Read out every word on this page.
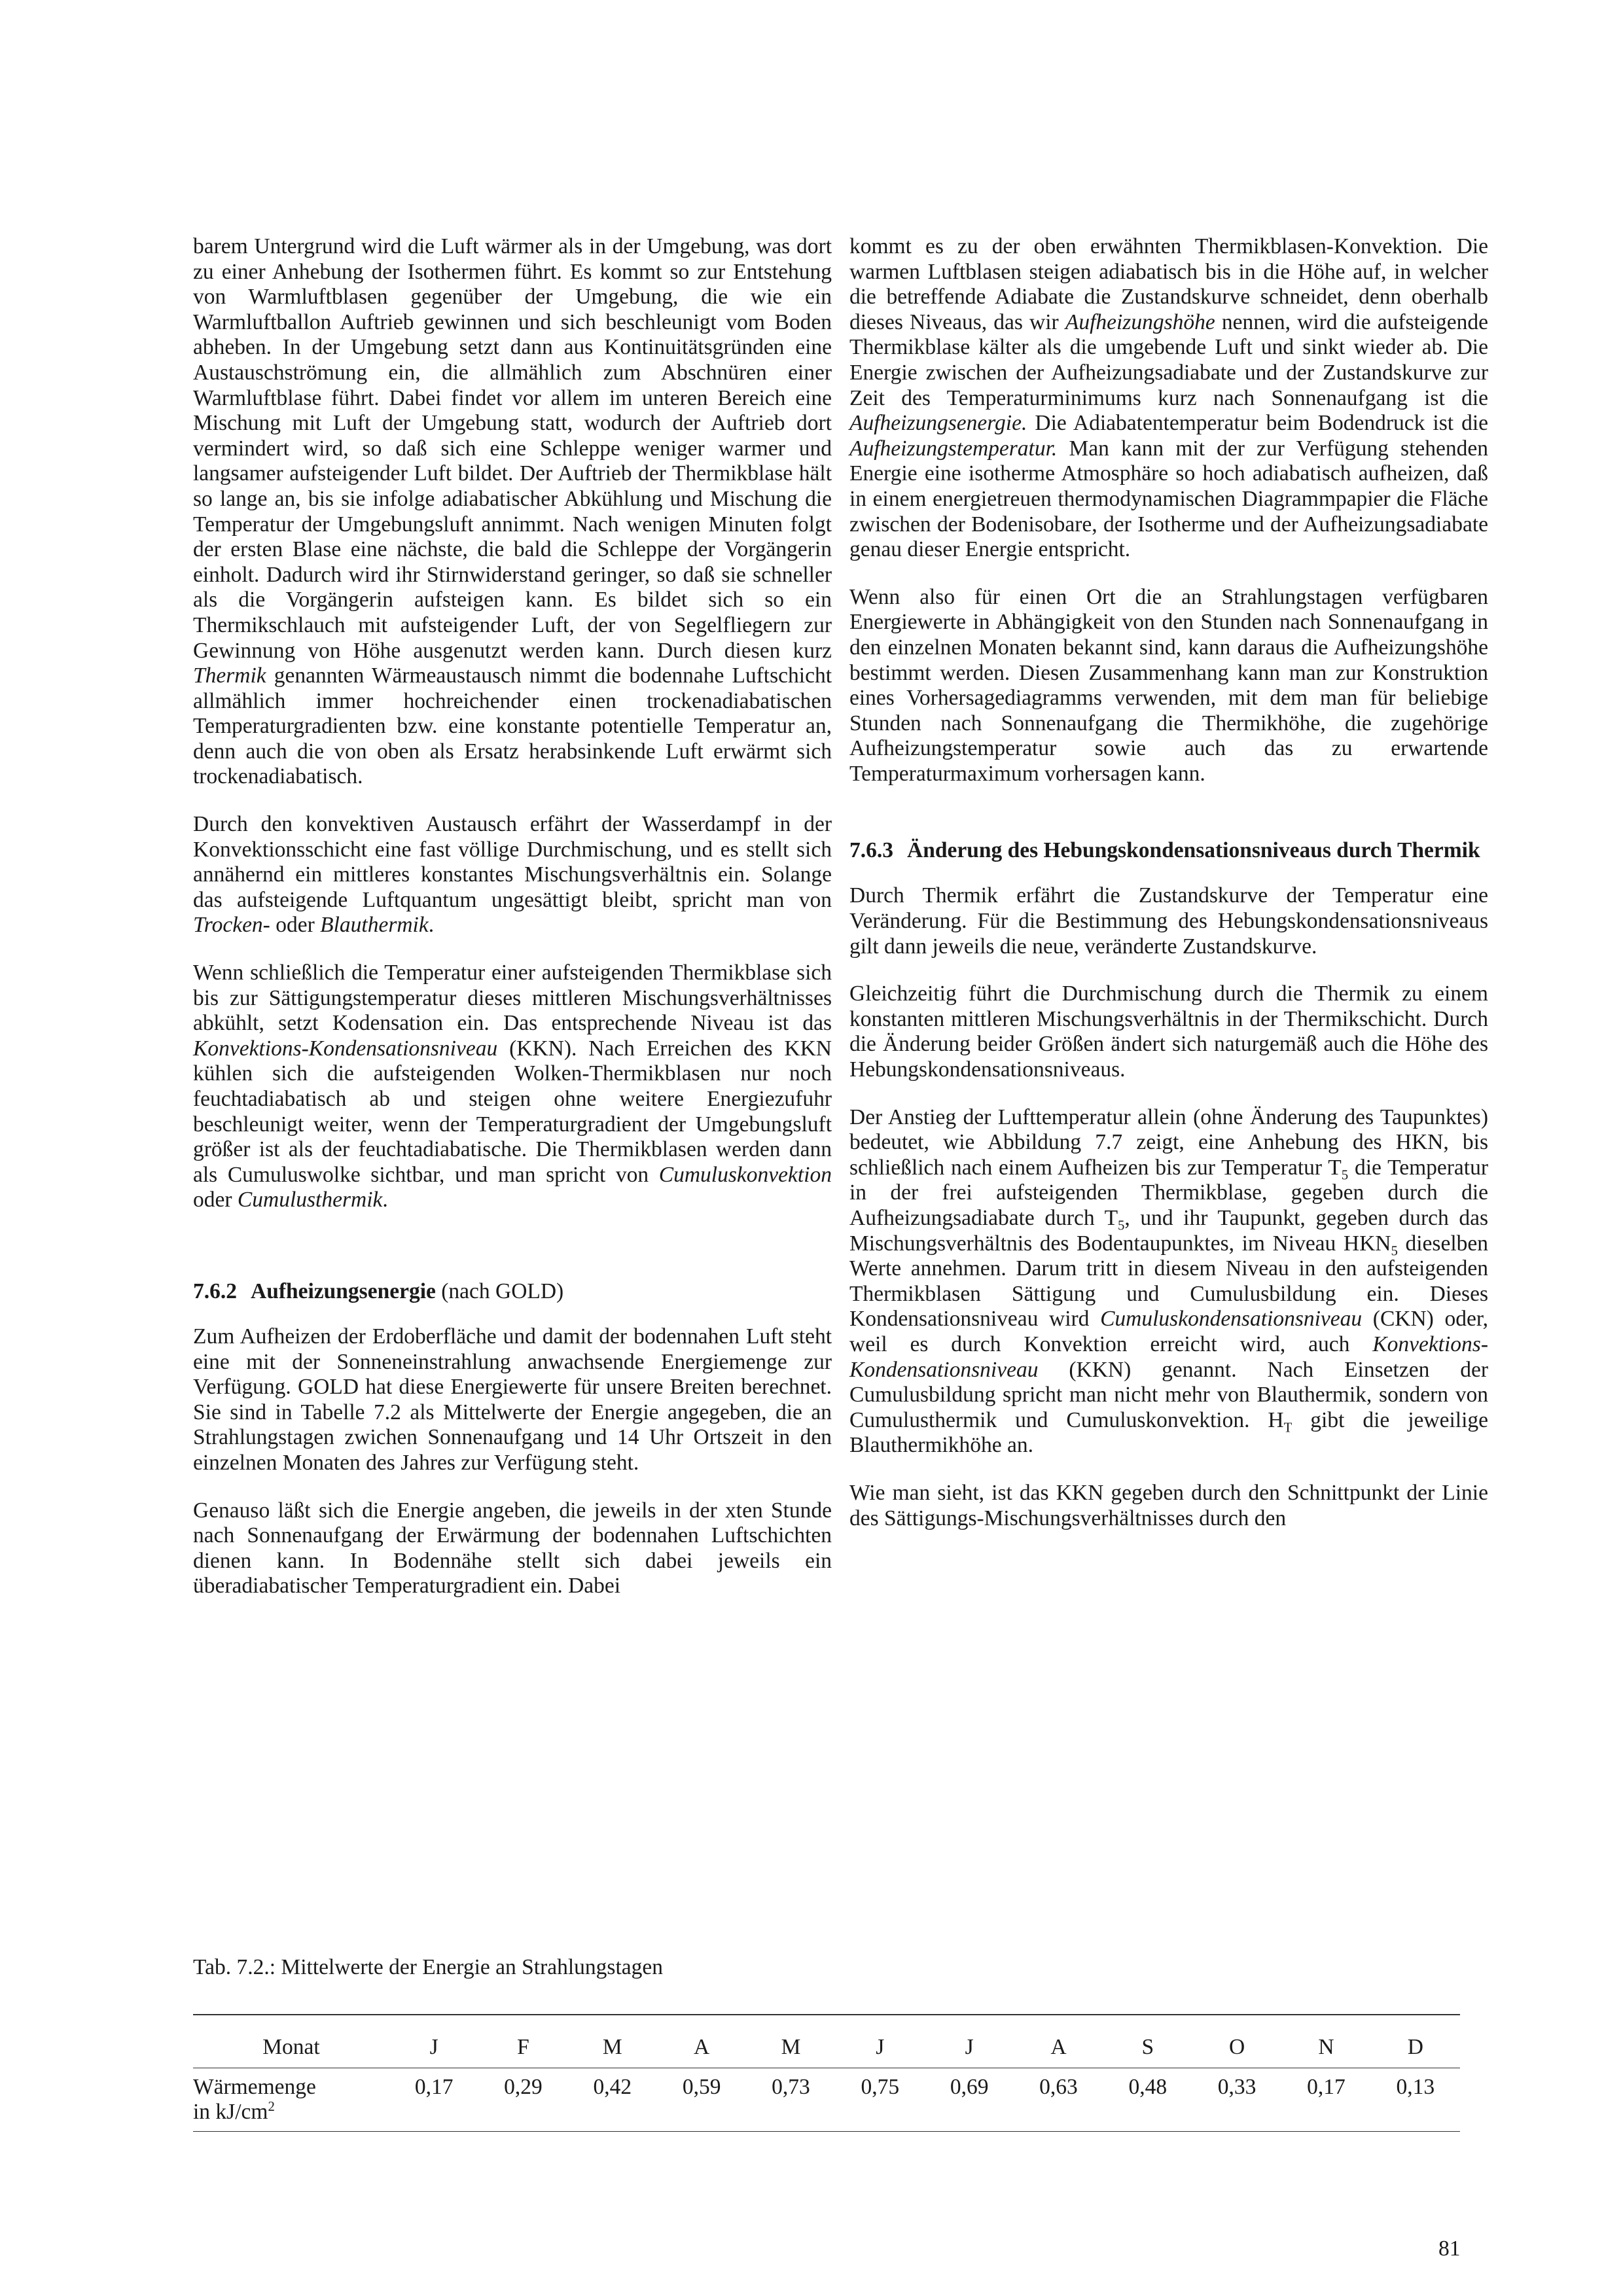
barem Untergrund wird die Luft wärmer als in der Umgebung, was dort zu einer Anhebung der Isothermen führt. Es kommt so zur Entstehung von Warmluftblasen gegenüber der Umgebung, die wie ein Warmluftballon Auftrieb gewinnen und sich beschleunigt vom Boden abheben. In der Umgebung setzt dann aus Kontinuitätsgründen eine Austauschströmung ein, die allmählich zum Abschnüren einer Warmluftblase führt. Dabei findet vor allem im unteren Bereich eine Mischung mit Luft der Umgebung statt, wodurch der Auftrieb dort vermindert wird, so daß sich eine Schleppe weniger warmer und langsamer aufsteigender Luft bildet. Der Auftrieb der Thermikblase hält so lange an, bis sie infolge adiabatischer Abkühlung und Mischung die Temperatur der Umgebungsluft annimmt. Nach wenigen Minuten folgt der ersten Blase eine nächste, die bald die Schleppe der Vorgängerin einholt. Dadurch wird ihr Stirnwiderstand geringer, so daß sie schneller als die Vorgängerin aufsteigen kann. Es bildet sich so ein Thermikschlauch mit aufsteigender Luft, der von Segelfliegern zur Gewinnung von Höhe ausgenutzt werden kann. Durch diesen kurz Thermik genannten Wärmeaustausch nimmt die bodennahe Luftschicht allmählich immer hochreichender einen trockenadiabatischen Temperaturgradienten bzw. eine konstante potentielle Temperatur an, denn auch die von oben als Ersatz herabsinkende Luft erwärmt sich trockenadiabatisch.

Durch den konvektiven Austausch erfährt der Wasserdampf in der Konvektionsschicht eine fast völlige Durchmischung, und es stellt sich annähernd ein mittleres konstantes Mischungsverhältnis ein. Solange das aufsteigende Luftquantum ungesättigt bleibt, spricht man von Trocken- oder Blauthermik.

Wenn schließlich die Temperatur einer aufsteigenden Thermikblase sich bis zur Sättigungstemperatur dieses mittleren Mischungsverhältnisses abkühlt, setzt Kodensation ein. Das entsprechende Niveau ist das Konvektions-Kondensationsniveau (KKN). Nach Erreichen des KKN kühlen sich die aufsteigenden Wolken-Thermikblasen nur noch feuchtadiabatisch ab und steigen ohne weitere Energiezufuhr beschleunigt weiter, wenn der Temperaturgradient der Umgebungsluft größer ist als der feuchtadiabatische. Die Thermikblasen werden dann als Cumuluswolke sichtbar, und man spricht von Cumuluskonvektion oder Cumulusthermik.

7.6.2 Aufheizungsenergie (nach GOLD)

Zum Aufheizen der Erdoberfläche und damit der bodennahen Luft steht eine mit der Sonneneinstrahlung anwachsende Energiemenge zur Verfügung. GOLD hat diese Energiewerte für unsere Breiten berechnet. Sie sind in Tabelle 7.2 als Mittelwerte der Energie angegeben, die an Strahlungstagen zwichen Sonnenaufgang und 14 Uhr Ortszeit in den einzelnen Monaten des Jahres zur Verfügung steht.

Genauso läßt sich die Energie angeben, die jeweils in der xten Stunde nach Sonnenaufgang der Erwärmung der bodennahen Luftschichten dienen kann. In Bodennähe stellt sich dabei jeweils ein überadiabatischer Temperaturgradient ein. Dabei

kommt es zu der oben erwähnten Thermikblasen-Konvektion. Die warmen Luftblasen steigen adiabatisch bis in die Höhe auf, in welcher die betreffende Adiabate die Zustandskurve schneidet, denn oberhalb dieses Niveaus, das wir Aufheizungshöhe nennen, wird die aufsteigende Thermikblase kälter als die umgebende Luft und sinkt wieder ab. Die Energie zwischen der Aufheizungsadiabate und der Zustandskurve zur Zeit des Temperaturminimums kurz nach Sonnenaufgang ist die Aufheizungsenergie. Die Adiabatentemperatur beim Bodendruck ist die Aufheizungstemperatur. Man kann mit der zur Verfügung stehenden Energie eine isotherme Atmosphäre so hoch adiabatisch aufheizen, daß in einem energietreuen thermodynamischen Diagrammpapier die Fläche zwischen der Bodenisobare, der Isotherme und der Aufheizungsadiabate genau dieser Energie entspricht.

Wenn also für einen Ort die an Strahlungstagen verfügbaren Energiewerte in Abhängigkeit von den Stunden nach Sonnenaufgang in den einzelnen Monaten bekannt sind, kann daraus die Aufheizungshöhe bestimmt werden. Diesen Zusammenhang kann man zur Konstruktion eines Vorhersagediagramms verwenden, mit dem man für beliebige Stunden nach Sonnenaufgang die Thermikhöhe, die zugehörige Aufheizungstemperatur sowie auch das zu erwartende Temperaturmaximum vorhersagen kann.

7.6.3 Änderung des Hebungskondensationsniveaus durch Thermik

Durch Thermik erfährt die Zustandskurve der Temperatur eine Veränderung. Für die Bestimmung des Hebungskondensationsniveaus gilt dann jeweils die neue, veränderte Zustandskurve.

Gleichzeitig führt die Durchmischung durch die Thermik zu einem konstanten mittleren Mischungsverhältnis in der Thermikschicht. Durch die Änderung beider Größen ändert sich naturgemäß auch die Höhe des Hebungskondensationsniveaus.

Der Anstieg der Lufttemperatur allein (ohne Änderung des Taupunktes) bedeutet, wie Abbildung 7.7 zeigt, eine Anhebung des HKN, bis schließlich nach einem Aufheizen bis zur Temperatur $T_5$ die Temperatur in der frei aufsteigenden Thermikblase, gegeben durch die Aufheizungsadiabate durch $T_5$, und ihr Taupunkt, gegeben durch das Mischungsverhältnis des Bodentaupunktes, im Niveau $HKN_5$ dieselben Werte annehmen. Darum tritt in diesem Niveau in den aufsteigenden Thermikblasen Sättigung und Cumulusbildung ein. Dieses Kondensationsniveau wird Cumuluskondensationsniveau (CKN) oder, weil es durch Konvektion erreicht wird, auch Konvektions-Kondensationsniveau (KKN) genannt. Nach Einsetzen der Cumulusbildung spricht man nicht mehr von Blauthermik, sondern von Cumulusthermik und Cumuluskonvektion. $H_T$ gibt die jeweilige Blauthermikhöhe an.

Wie man sieht, ist das KKN gegeben durch den Schnittpunkt der Linie des Sättigungs-Mischungsverhältnisses durch den

Tab. 7.2.: Mittelwerte der Energie an Strahlungstagen
Monat	J	F	M	A	M	J	J	A	S	O	N	D
Wärmemenge
in $kJ/cm^2$	0,17	0,29	0,42	0,59	0,73	0,75	0,69	0,63	0,48	0,33	0,17	0,13
81
